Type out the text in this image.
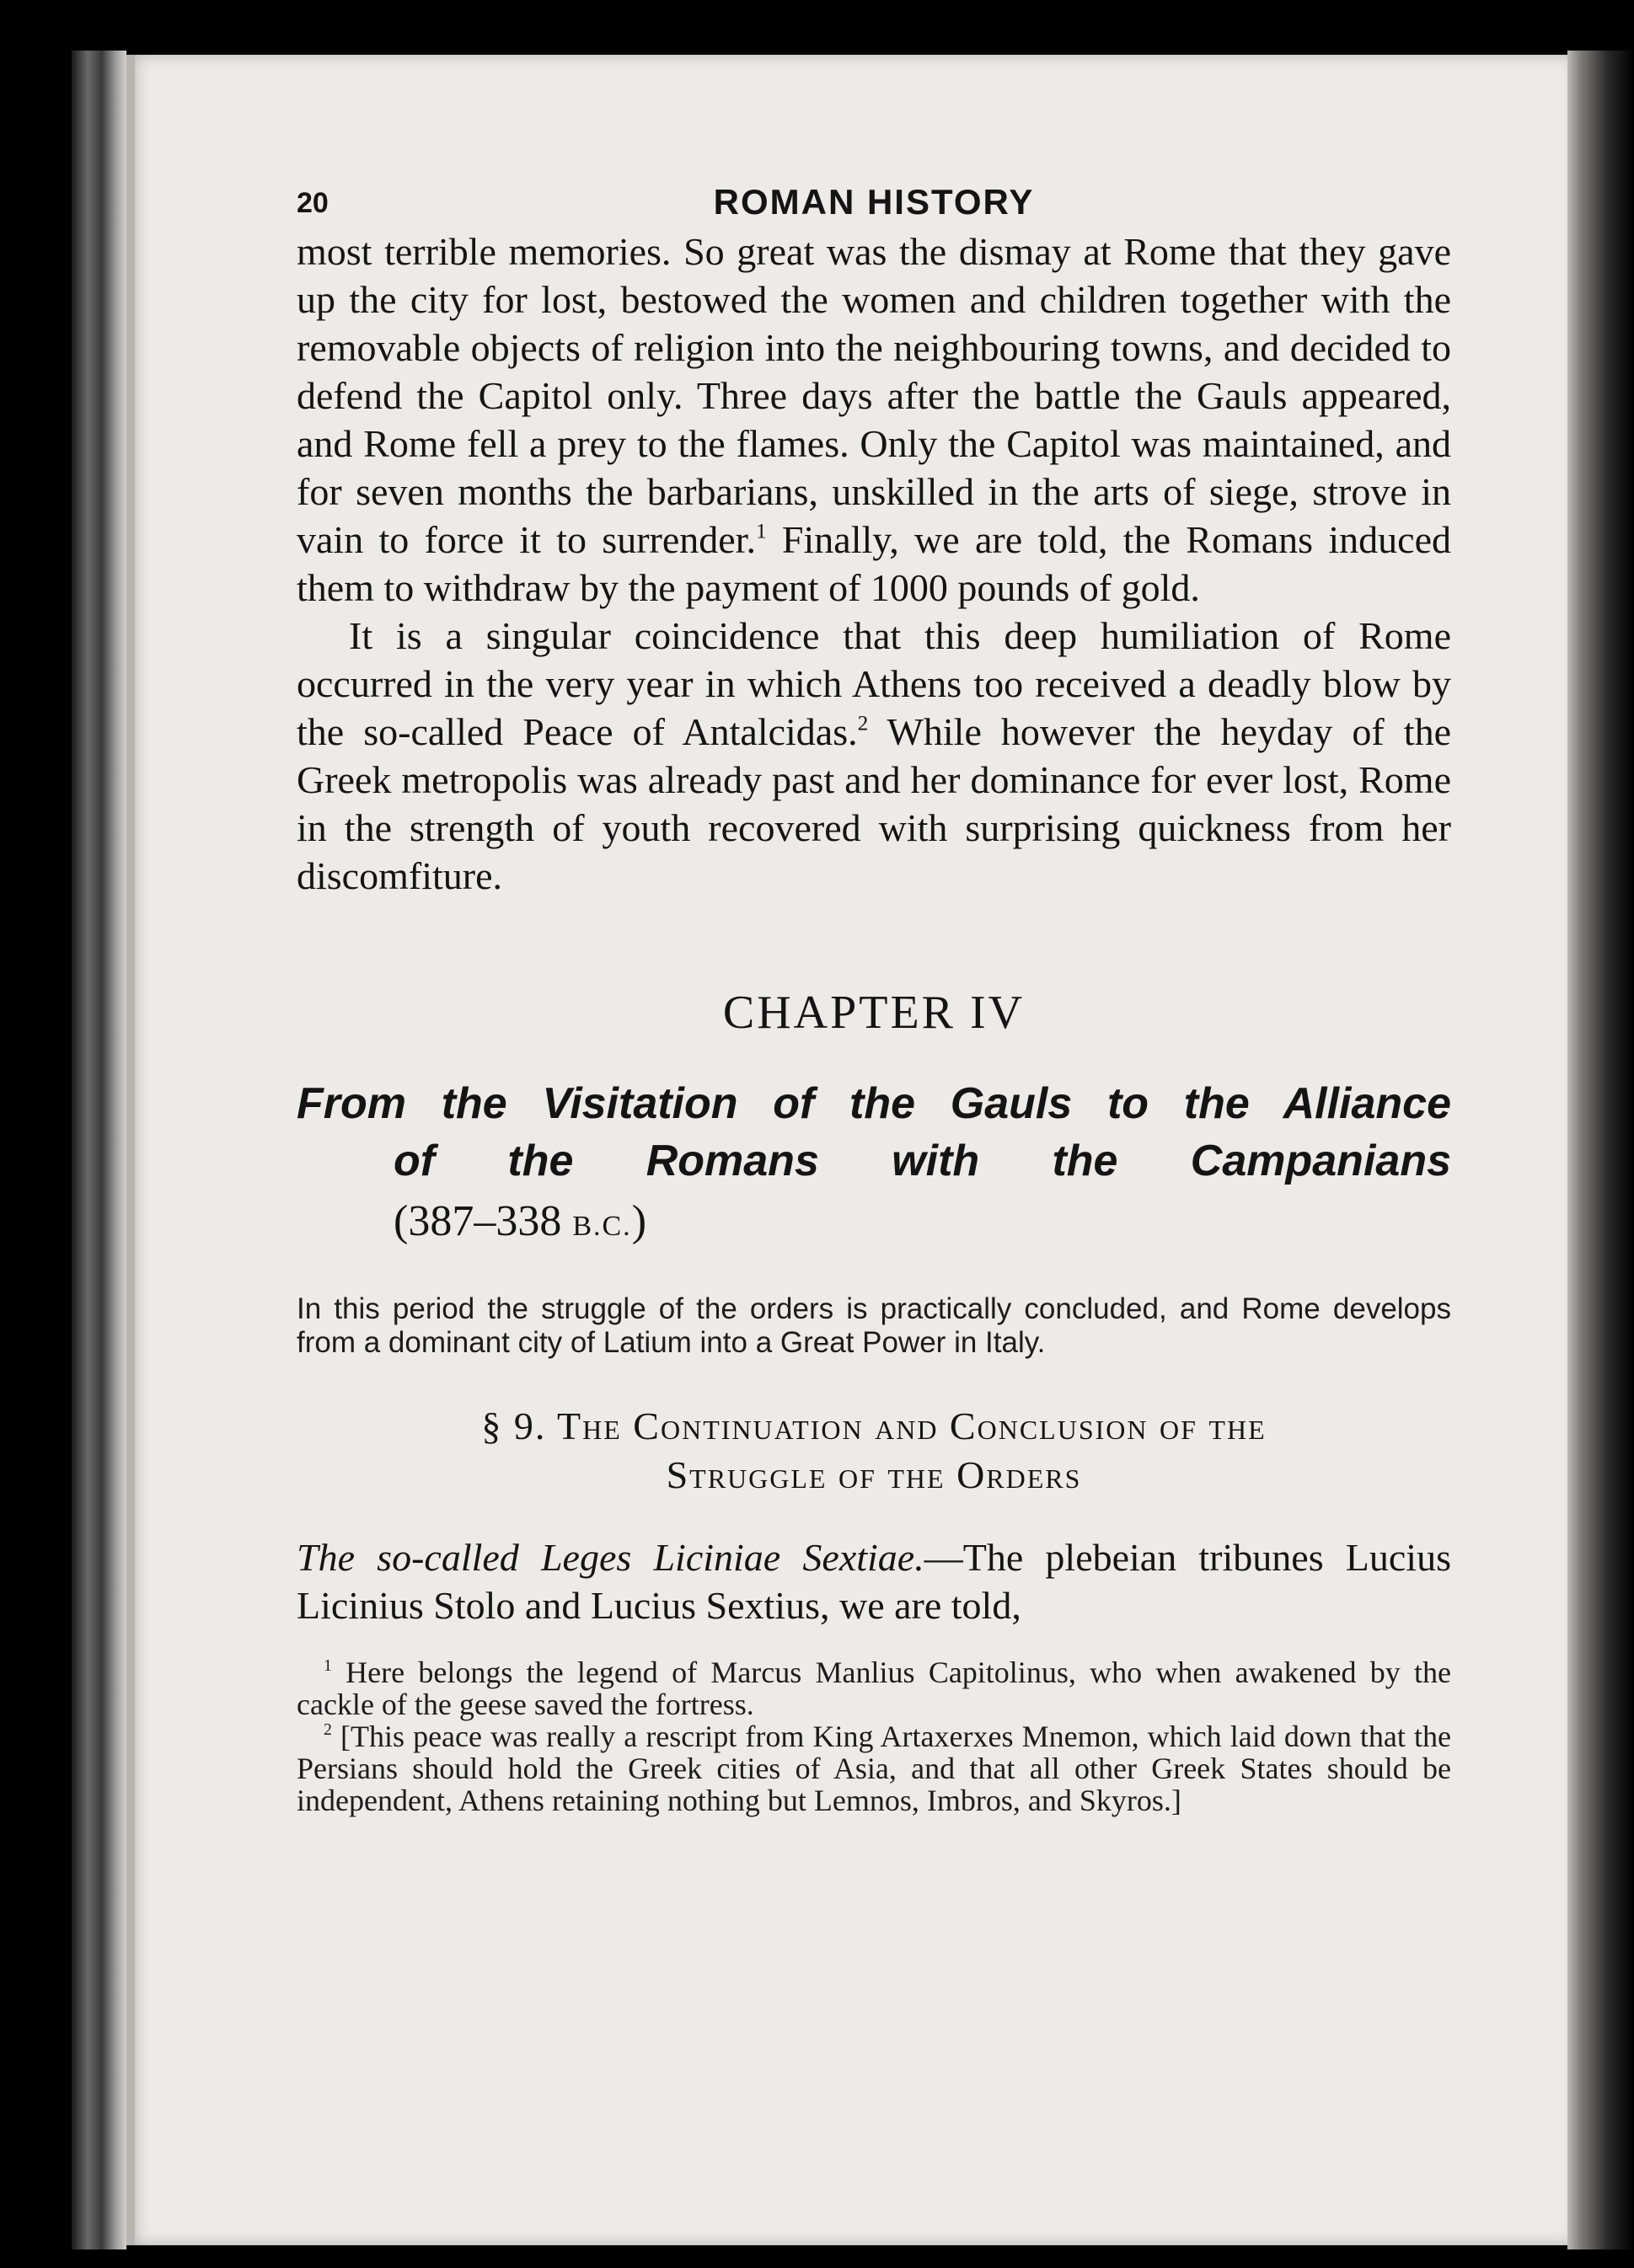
20	ROMAN HISTORY

most terrible memories. So great was the dismay at Rome that they gave up the city for lost, bestowed the women and children together with the removable objects of religion into the neighbouring towns, and decided to defend the Capitol only. Three days after the battle the Gauls appeared, and Rome fell a prey to the flames. Only the Capitol was maintained, and for seven months the barbarians, unskilled in the arts of siege, strove in vain to force it to surrender.$^1$ Finally, we are told, the Romans induced them to withdraw by the payment of 1000 pounds of gold.

It is a singular coincidence that this deep humiliation of Rome occurred in the very year in which Athens too received a deadly blow by the so-called Peace of Antalcidas.$^2$ While however the heyday of the Greek metropolis was already past and her dominance for ever lost, Rome in the strength of youth recovered with surprising quickness from her discomfiture.

CHAPTER IV
From the Visitation of the Gauls to the Alliance
of the Romans with the Campanians
(387–338 B.C.)
In this period the struggle of the orders is practically concluded, and Rome develops from a dominant city of Latium into a Great Power in Italy.
§ 9. The Continuation and Conclusion of the
Struggle of the Orders

The so-called Leges Liciniae Sextiae.—The plebeian tribunes Lucius Licinius Stolo and Lucius Sextius, we are told,

$^1$ Here belongs the legend of Marcus Manlius Capitolinus, who when awakened by the cackle of the geese saved the fortress.

$^2$ [This peace was really a rescript from King Artaxerxes Mnemon, which laid down that the Persians should hold the Greek cities of Asia, and that all other Greek States should be independent, Athens retaining nothing but Lemnos, Imbros, and Skyros.]
